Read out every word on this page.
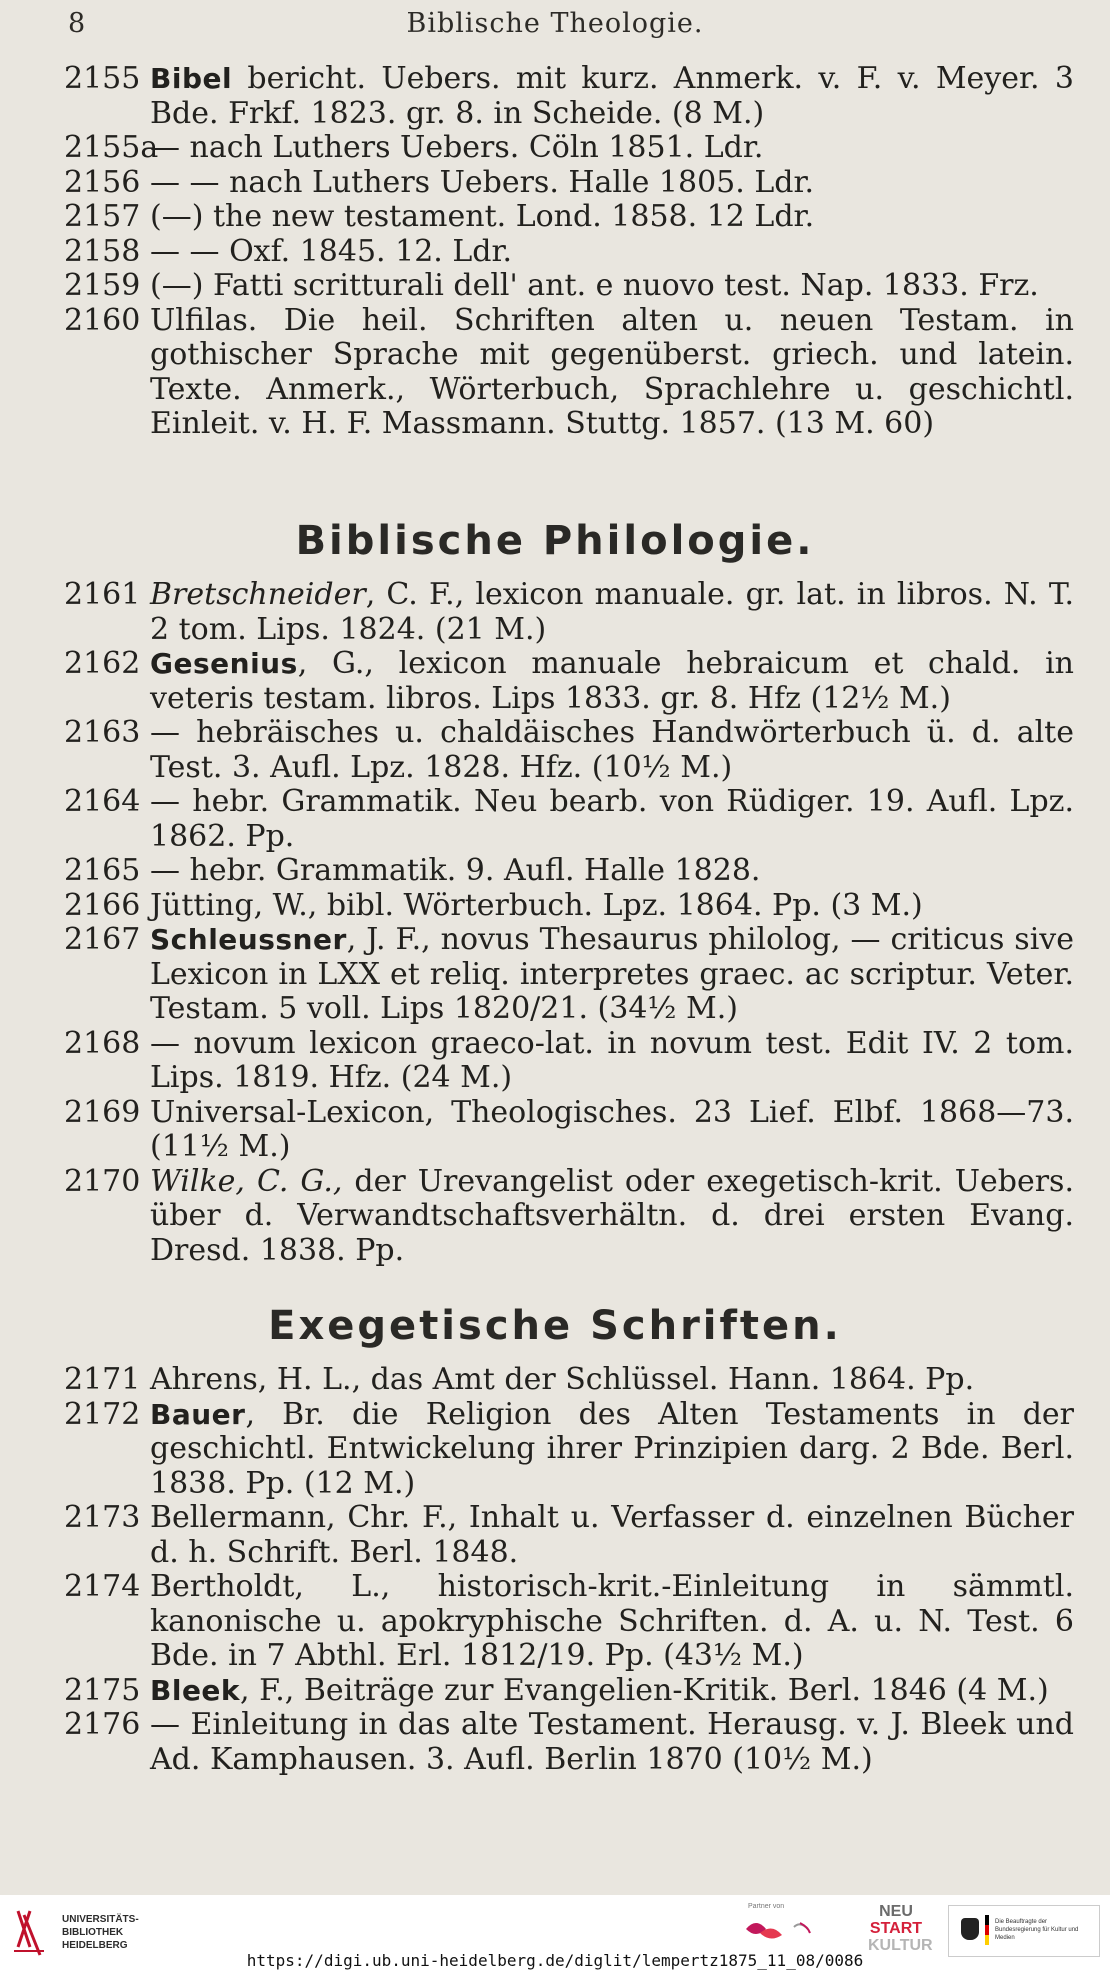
8	Biblische Theologie.
2155 Bibel bericht. Uebers. mit kurz. Anmerk. v. F. v. Meyer. 3 Bde. Frkf. 1823. gr. 8. in Scheide. (8 M.)
2155a
— nach Luthers Uebers. Cöln 1851. Ldr.
2156 — — nach Luthers Uebers. Halle 1805. Ldr.
2157 (—) the new testament. Lond. 1858. 12 Ldr.
2158 — — Oxf. 1845. 12. Ldr.
2159 (—) Fatti scritturali dell' ant. e nuovo test. Nap. 1833. Frz.
2160 Ulfilas. Die heil. Schriften alten u. neuen Testam. in gothischer Sprache mit gegenüberst. griech. und latein. Texte. Anmerk., Wörterbuch, Sprachlehre u. geschichtl. Einleit. v. H. F. Massmann. Stuttg. 1857. (13 M. 60)
Biblische Philologie.
2161 Bretschneider, C. F., lexicon manuale. gr. lat. in libros. N. T. 2 tom. Lips. 1824. (21 M.)
2162 Gesenius, G., lexicon manuale hebraicum et chald. in veteris testam. libros. Lips 1833. gr. 8. Hfz (12½ M.)
2163 — hebräisches u. chaldäisches Handwörterbuch ü. d. alte Test. 3. Aufl. Lpz. 1828. Hfz. (10½ M.)
2164 — hebr. Grammatik. Neu bearb. von Rüdiger. 19. Aufl. Lpz. 1862. Pp.
2165 — hebr. Grammatik. 9. Aufl. Halle 1828.
2166 Jütting, W., bibl. Wörterbuch. Lpz. 1864. Pp. (3 M.)
2167 Schleussner, J. F., novus Thesaurus philolog, — criticus sive Lexicon in LXX et reliq. interpretes graec. ac scriptur. Veter. Testam. 5 voll. Lips 1820/21. (34½ M.)
2168 — novum lexicon graeco-lat. in novum test. Edit IV. 2 tom. Lips. 1819. Hfz. (24 M.)
2169 Universal-Lexicon, Theologisches. 23 Lief. Elbf. 1868—73. (11½ M.)
2170 Wilke, C. G., der Urevangelist oder exegetisch-krit. Uebers. über d. Verwandtschaftsverhältn. d. drei ersten Evang. Dresd. 1838. Pp.
Exegetische Schriften.
2171 Ahrens, H. L., das Amt der Schlüssel. Hann. 1864. Pp.
2172 Bauer, Br. die Religion des Alten Testaments in der geschichtl. Entwickelung ihrer Prinzipien darg. 2 Bde. Berl. 1838. Pp. (12 M.)
2173 Bellermann, Chr. F., Inhalt u. Verfasser d. einzelnen Bücher d. h. Schrift. Berl. 1848.
2174 Bertholdt, L., historisch-krit.-Einleitung in sämmtl. kanonische u. apokryphische Schriften. d. A. u. N. Test. 6 Bde. in 7 Abthl. Erl. 1812/19. Pp. (43½ M.)
2175 Bleek, F., Beiträge zur Evangelien-Kritik. Berl. 1846 (4 M.)
2176 — Einleitung in das alte Testament. Herausg. v. J. Bleek und Ad. Kamphausen. 3. Aufl. Berlin 1870 (10½ M.)
UNIVERSITÄTS-
BIBLIOTHEK
HEIDELBERG
Partner von	NEU
START
KULTUR
Die Beauftragte der Bundesregierung für Kultur und Medien
https://digi.ub.uni-heidelberg.de/diglit/lempertz1875_11_08/0086
